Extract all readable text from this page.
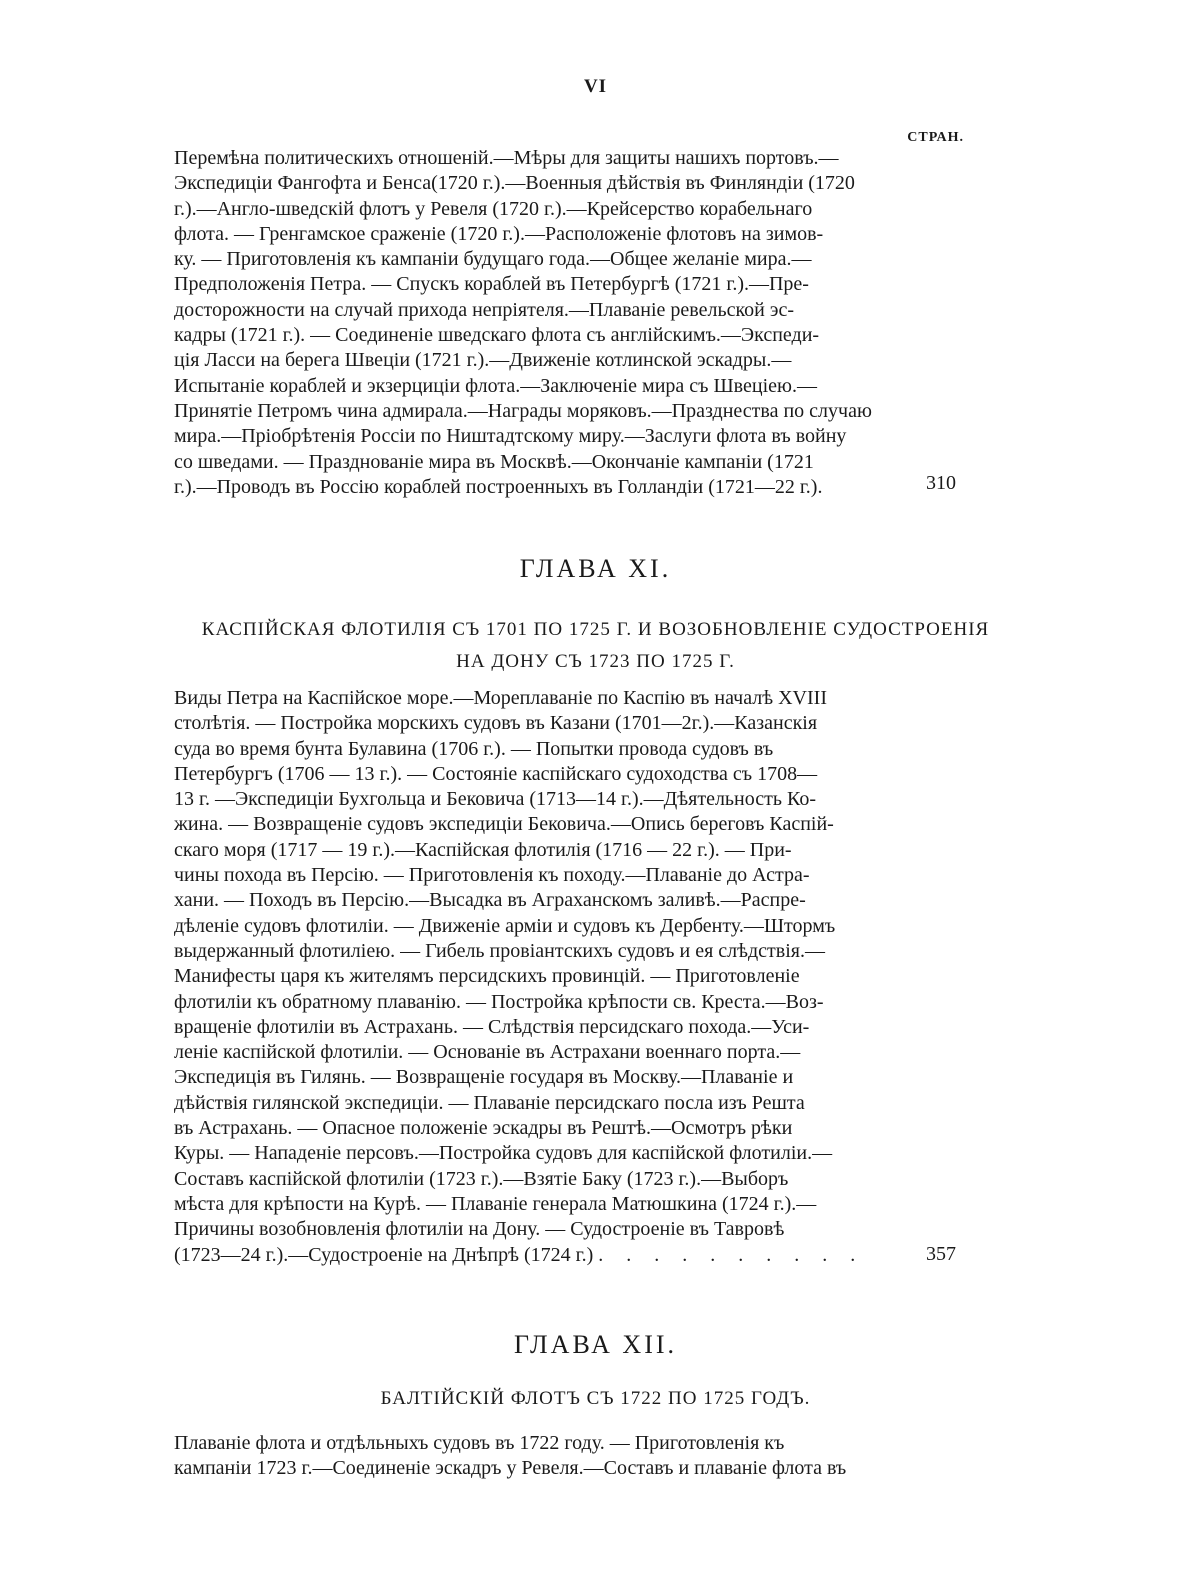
VI
СТРАН.
Перемѣна политическихъ отношеній.—Мѣры для защиты нашихъ портовъ.—
Экспедиціи Фангофта и Бенса(1720 г.).—Военныя дѣйствія въ Финляндіи (1720
г.).—Англо-шведскій флотъ у Ревеля (1720 г.).—Крейсерство корабельнаго
флота. — Гренгамское сраженіе (1720 г.).—Расположеніе флотовъ на зимов-
ку. — Приготовленія къ кампаніи будущаго года.—Общее желаніе мира.—
Предположенія Петра. — Спускъ кораблей въ Петербургѣ (1721 г.).—Пре-
досторожности на случай прихода непріятеля.—Плаваніе ревельской эс-
кадры (1721 г.). — Соединеніе шведскаго флота съ англійскимъ.—Экспеди-
ція Ласси на берега Швеціи (1721 г.).—Движеніе котлинской эскадры.—
Испытаніе кораблей и экзерциціи флота.—Заключеніе мира съ Швеціею.—
Принятіе Петромъ чина адмирала.—Награды моряковъ.—Празднества по случаю
мира.—Пріобрѣтенія Россіи по Ништадтскому миру.—Заслуги флота въ войну
со шведами. — Празднованіе мира въ Москвѣ.—Окончаніе кампаніи (1721
г.).—Проводъ въ Россію кораблей построенныхъ въ Голландіи (1721—22 г.).	310
ГЛАВА XI.
КАСПІЙСКАЯ ФЛОТИЛІЯ СЪ 1701 ПО 1725 Г. И ВОЗОБНОВЛЕНІЕ СУДОСТРОЕНІЯ
НА ДОНУ СЪ 1723 ПО 1725 Г.
Виды Петра на Каспійское море.—Мореплаваніе по Каспію въ началѣ XVIII
столѣтія. — Постройка морскихъ судовъ въ Казани (1701—2г.).—Казанскія
суда во время бунта Булавина (1706 г.). — Попытки провода судовъ въ
Петербургъ (1706 — 13 г.). — Состояніе каспійскаго судоходства съ 1708—
13 г. —Экспедиціи Бухгольца и Бековича (1713—14 г.).—Дѣятельность Ко-
жина. — Возвращеніе судовъ экспедиціи Бековича.—Опись береговъ Каспій-
скаго моря (1717 — 19 г.).—Каспійская флотилія (1716 — 22 г.). — При-
чины похода въ Персію. — Приготовленія къ походу.—Плаваніе до Астра-
хани. — Походъ въ Персію.—Высадка въ Аграханскомъ заливѣ.—Распре-
дѣленіе судовъ флотиліи. — Движеніе арміи и судовъ къ Дербенту.—Штормъ
выдержанный флотиліею. — Гибель провіантскихъ судовъ и ея слѣдствія.—
Манифесты царя къ жителямъ персидскихъ провинцій. — Приготовленіе
флотиліи къ обратному плаванію. — Постройка крѣпости св. Креста.—Воз-
вращеніе флотиліи въ Астрахань. — Слѣдствія персидскаго похода.—Уси-
леніе каспійской флотиліи. — Основаніе въ Астрахани военнаго порта.—
Экспедиція въ Гилянь. — Возвращеніе государя въ Москву.—Плаваніе и
дѣйствія гилянской экспедиціи. — Плаваніе персидскаго посла изъ Решта
въ Астрахань. — Опасное положеніе эскадры въ Рештѣ.—Осмотръ рѣки
Куры. — Нападеніе персовъ.—Постройка судовъ для каспійской флотиліи.—
Составъ каспійской флотиліи (1723 г.).—Взятіе Баку (1723 г.).—Выборъ
мѣста для крѣпости на Курѣ. — Плаваніе генерала Матюшкина (1724 г.).—
Причины возобновленія флотиліи на Дону. — Судостроеніе въ Тавровѣ
(1723—24 г.).—Судостроеніе на Днѣпрѣ (1724 г.) . . . . . . . . . .	357
ГЛАВА XII.
БАЛТІЙСКІЙ ФЛОТЪ СЪ 1722 ПО 1725 ГОДЪ.
Плаваніе флота и отдѣльныхъ судовъ въ 1722 году. — Приготовленія къ
кампаніи 1723 г.—Соединеніе эскадръ у Ревеля.—Составъ и плаваніе флота въ
